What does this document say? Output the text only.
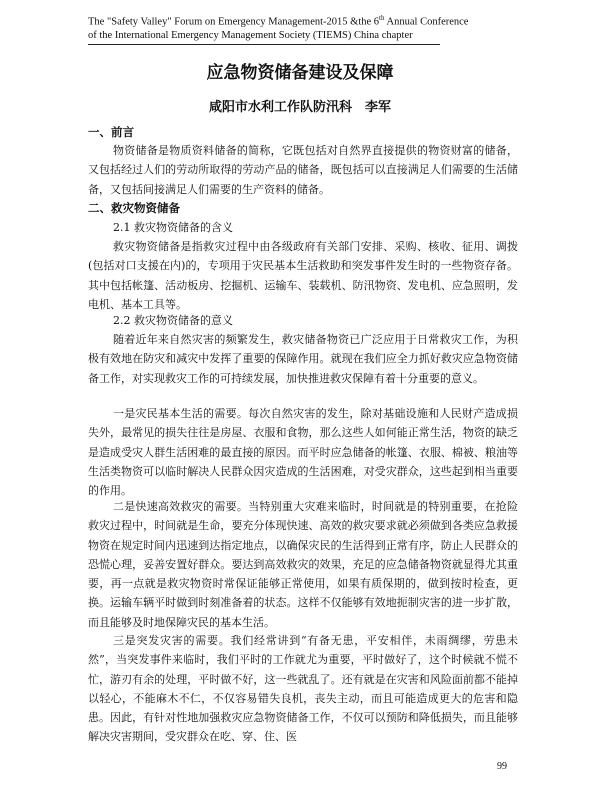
The "Safety Valley" Forum on Emergency Management-2015 &the 6th Annual Conference
of the International Emergency Management Society (TIEMS) China chapter
应急物资储备建设及保障
咸阳市水利工作队防汛科　李军
一、前言
物资储备是物质资料储备的简称，它既包括对自然界直接提供的物资财富的储备，又包括经过人们的劳动所取得的劳动产品的储备，既包括可以直接满足人们需要的生活储备，又包括间接满足人们需要的生产资料的储备。
二、救灾物资储备
2.1 救灾物资储备的含义
救灾物资储备是指救灾过程中由各级政府有关部门安排、采购、核收、征用、调拨(包括对口支援在内)的，专项用于灾民基本生活救助和突发事件发生时的一些物资存备。其中包括帐篷、活动板房、挖掘机、运输车、装载机、防汛物资、发电机、应急照明，发电机、基本工具等。
2.2 救灾物资储备的意义
随着近年来自然灾害的频繁发生，救灾储备物资已广泛应用于日常救灾工作，为积极有效地在防灾和减灾中发挥了重要的保障作用。就现在我们应全力抓好救灾应急物资储备工作，对实现救灾工作的可持续发展，加快推进救灾保障有着十分重要的意义。
一是灾民基本生活的需要。每次自然灾害的发生，除对基础设施和人民财产造成损失外，最常见的损失往往是房屋、衣服和食物，那么这些人如何能正常生活，物资的缺乏是造成受灾人群生活困难的最直接的原因。而平时应急储备的帐篷、衣服、棉被、粮油等生活类物资可以临时解决人民群众因灾造成的生活困难，对受灾群众，这些起到相当重要的作用。
二是快速高效救灾的需要。当特别重大灾难来临时，时间就是的特别重要，在抢险救灾过程中，时间就是生命，要充分体现快速、高效的救灾要求就必须做到各类应急救援物资在规定时间内迅速到达指定地点，以确保灾民的生活得到正常有序，防止人民群众的恐慌心理，妥善安置好群众。要达到高效救灾的效果，充足的应急储备物资就显得尤其重要，再一点就是救灾物资时常保证能够正常使用，如果有质保期的，做到按时检查，更换。运输车辆平时做到时刻准备着的状态。这样不仅能够有效地扼制灾害的进一步扩散，而且能够及时地保障灾民的基本生活。
三是突发灾害的需要。我们经常讲到“有备无患，平安相伴，未雨绸缪，劳患未然”，当突发事件来临时，我们平时的工作就尤为重要，平时做好了，这个时候就不慌不忙，游刃有余的处理，平时做不好，这一些就乱了。还有就是在灾害和风险面前都不能掉以轻心，不能麻木不仁，不仅容易错失良机，丧失主动，而且可能造成更大的危害和隐患。因此，有针对性地加强救灾应急物资储备工作，不仅可以预防和降低损失，而且能够解决灾害期间，受灾群众在吃、穿、住、医
99
